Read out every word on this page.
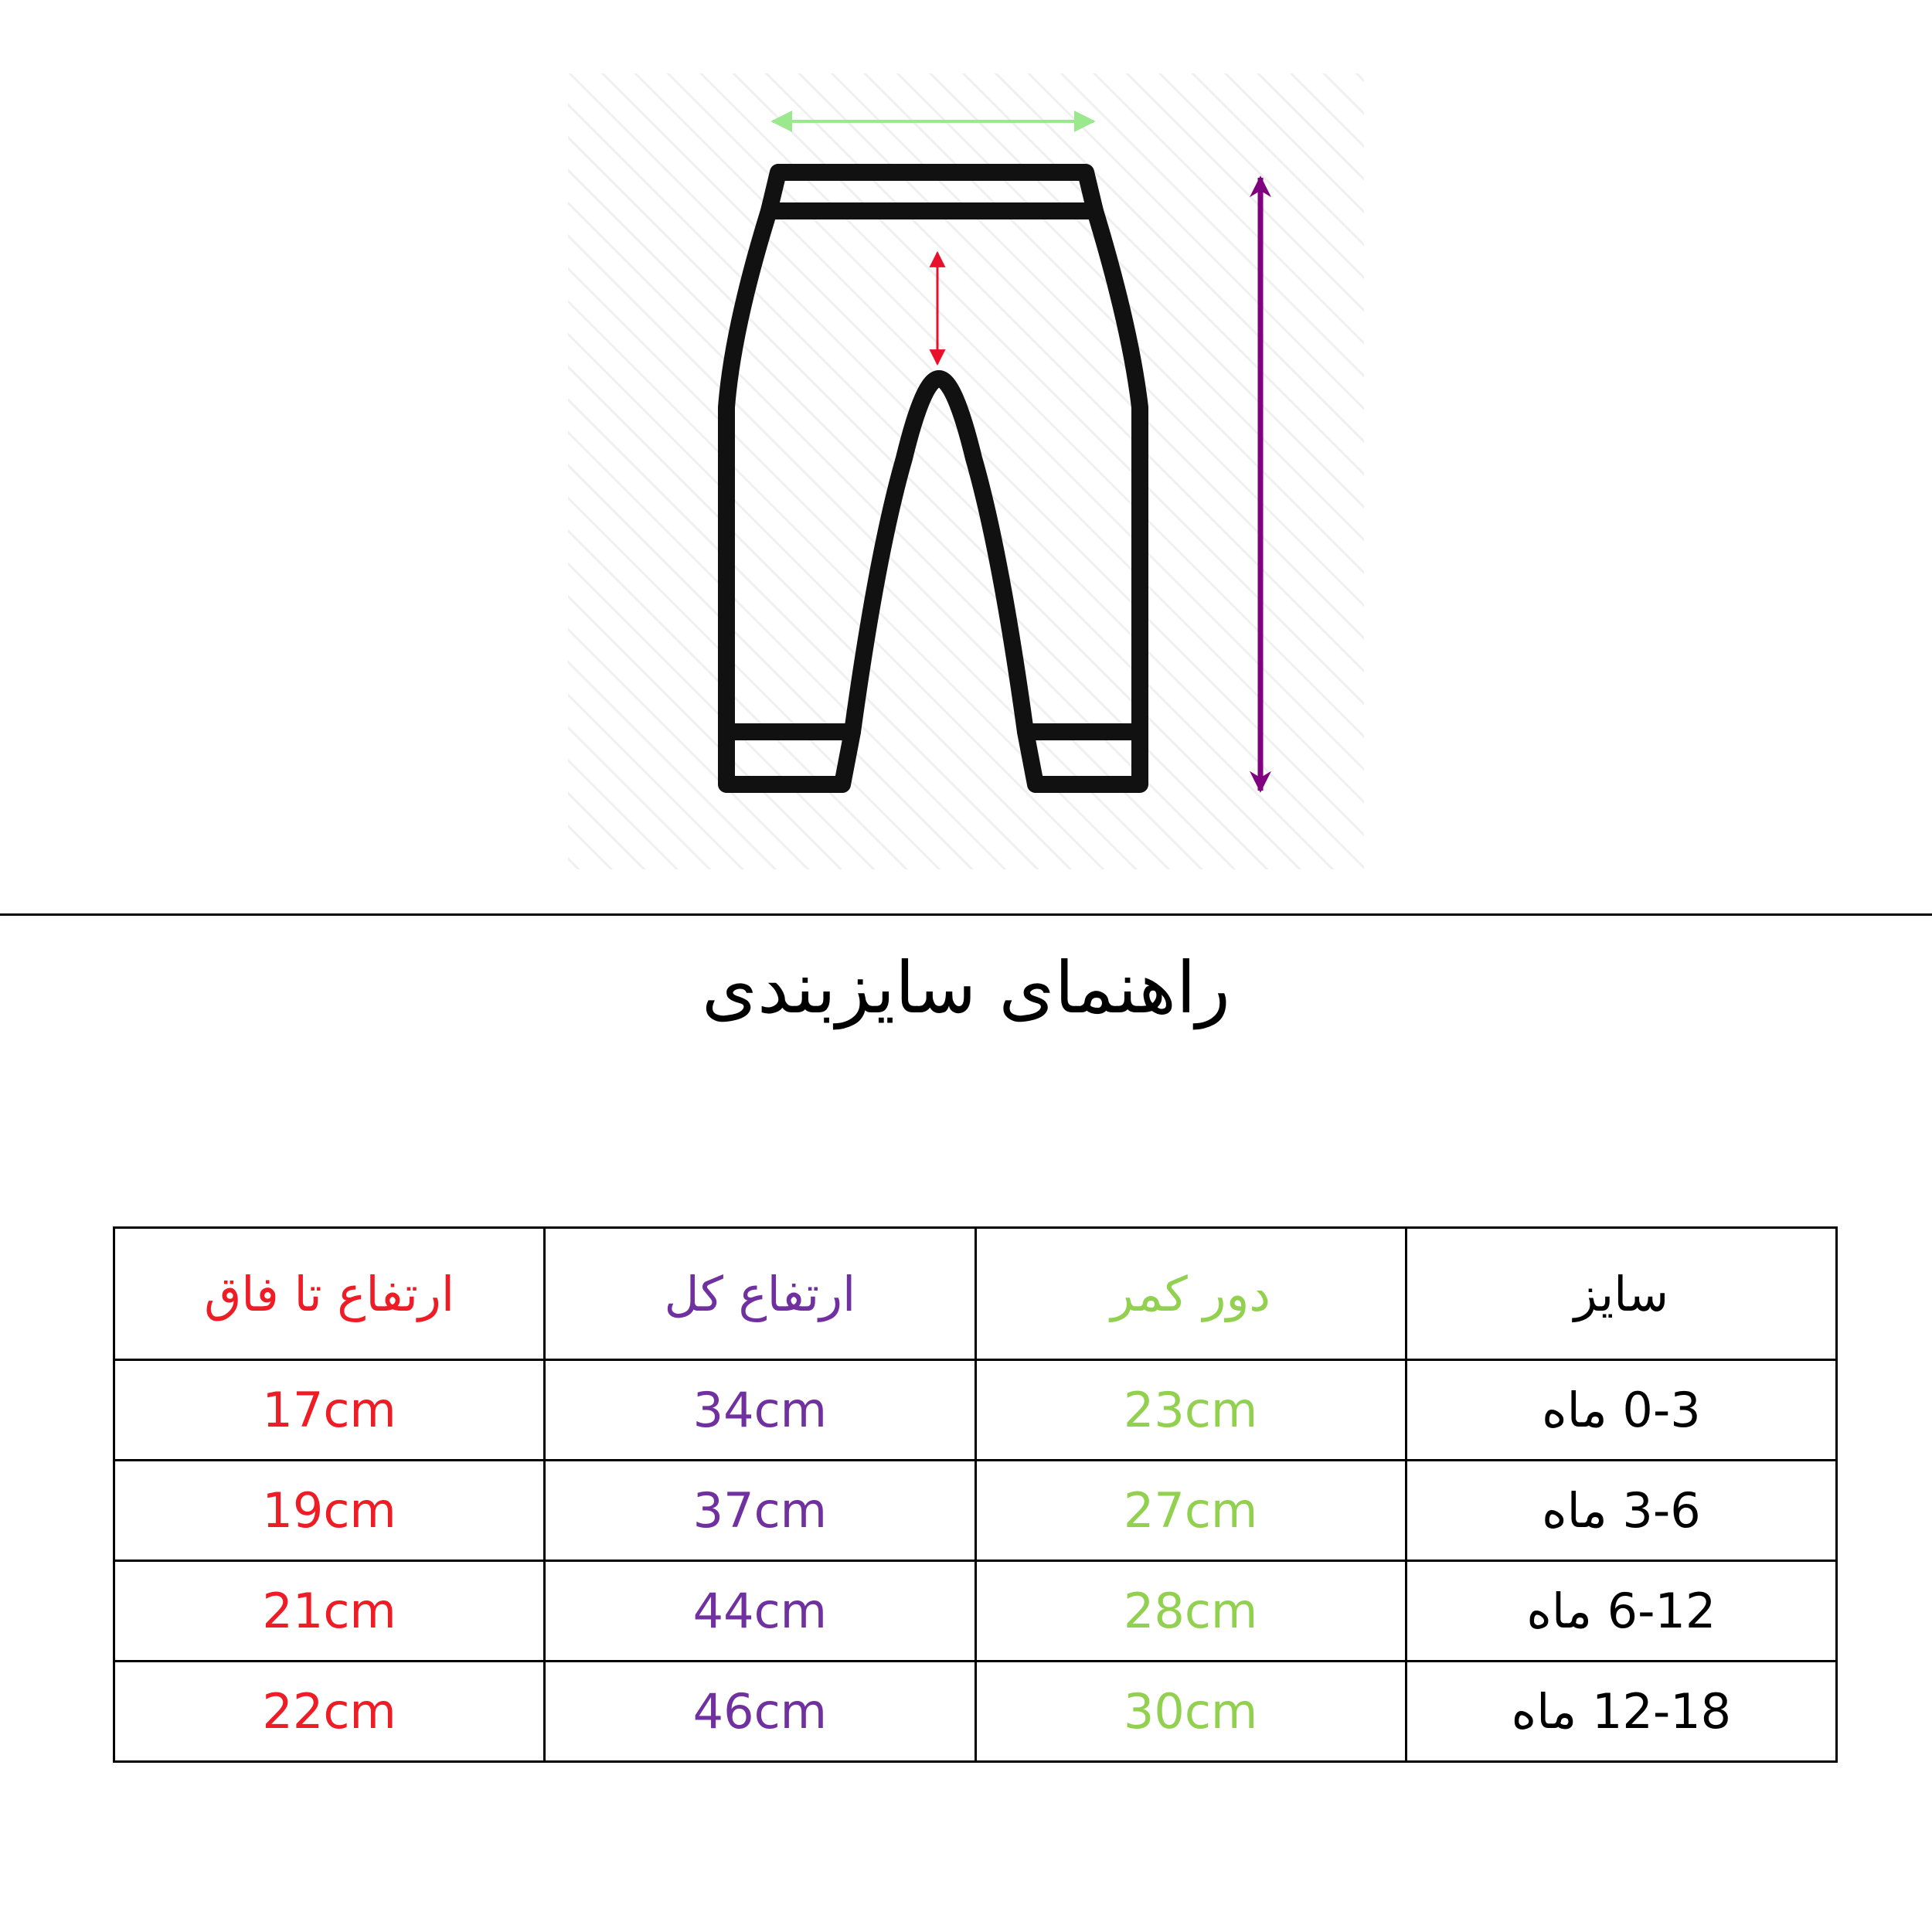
راهنمای سایزبندی
ارتفاع تا فاق	ارتفاع کل	دور کمر	سایز
17cm	34cm	23cm	0-3 ماه
19cm	37cm	27cm	3-6 ماه
21cm	44cm	28cm	6-12 ماه
22cm	46cm	30cm	12-18 ماه
